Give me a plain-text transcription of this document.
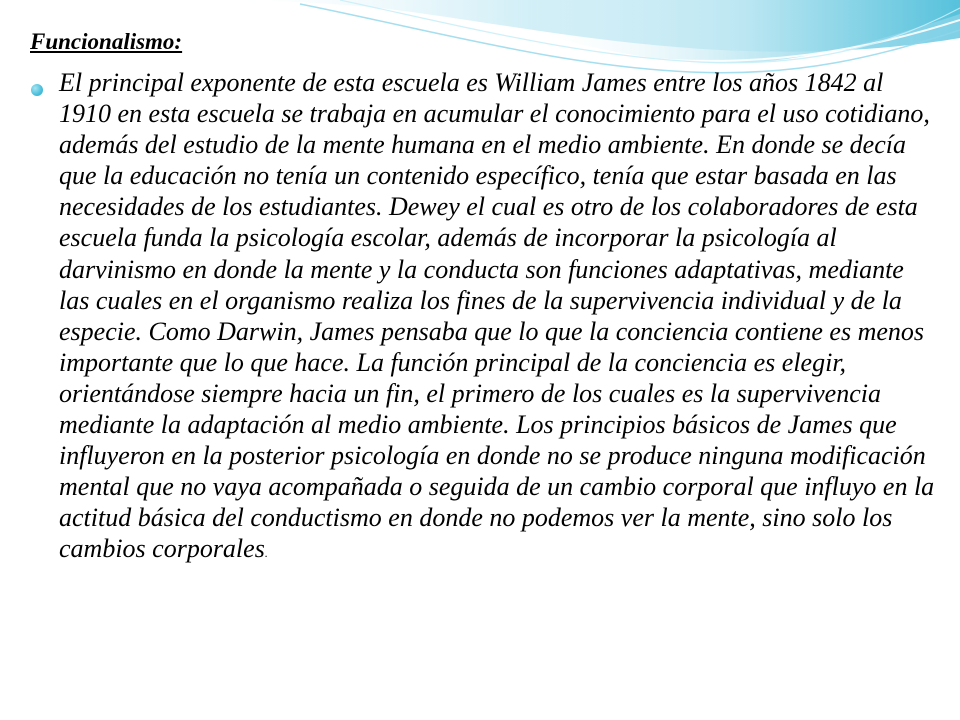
Funcionalismo:

El principal exponente de esta escuela es William James entre los años 1842 al 1910 en esta escuela se trabaja en acumular el conocimiento para el uso cotidiano, además del estudio de la mente humana en el medio ambiente. En donde se decía que la educación no tenía un contenido específico, tenía que estar basada en las necesidades de los estudiantes. Dewey el cual es otro de los colaboradores de esta escuela funda la psicología escolar, además de incorporar la psicología al darvinismo en donde la mente y la conducta son funciones adaptativas, mediante las cuales en el organismo realiza los fines de la supervivencia individual y de la especie. Como Darwin, James pensaba que lo que la conciencia contiene es menos importante que lo que hace. La función principal de la conciencia es elegir, orientándose siempre hacia un fin, el primero de los cuales es la supervivencia mediante la adaptación al medio ambiente. Los principios básicos de James que influyeron en la posterior psicología en donde no se produce ninguna modificación mental que no vaya acompañada o seguida de un cambio corporal que influyo en la actitud básica del conductismo en donde no podemos ver la mente, sino solo los cambios corporales.
